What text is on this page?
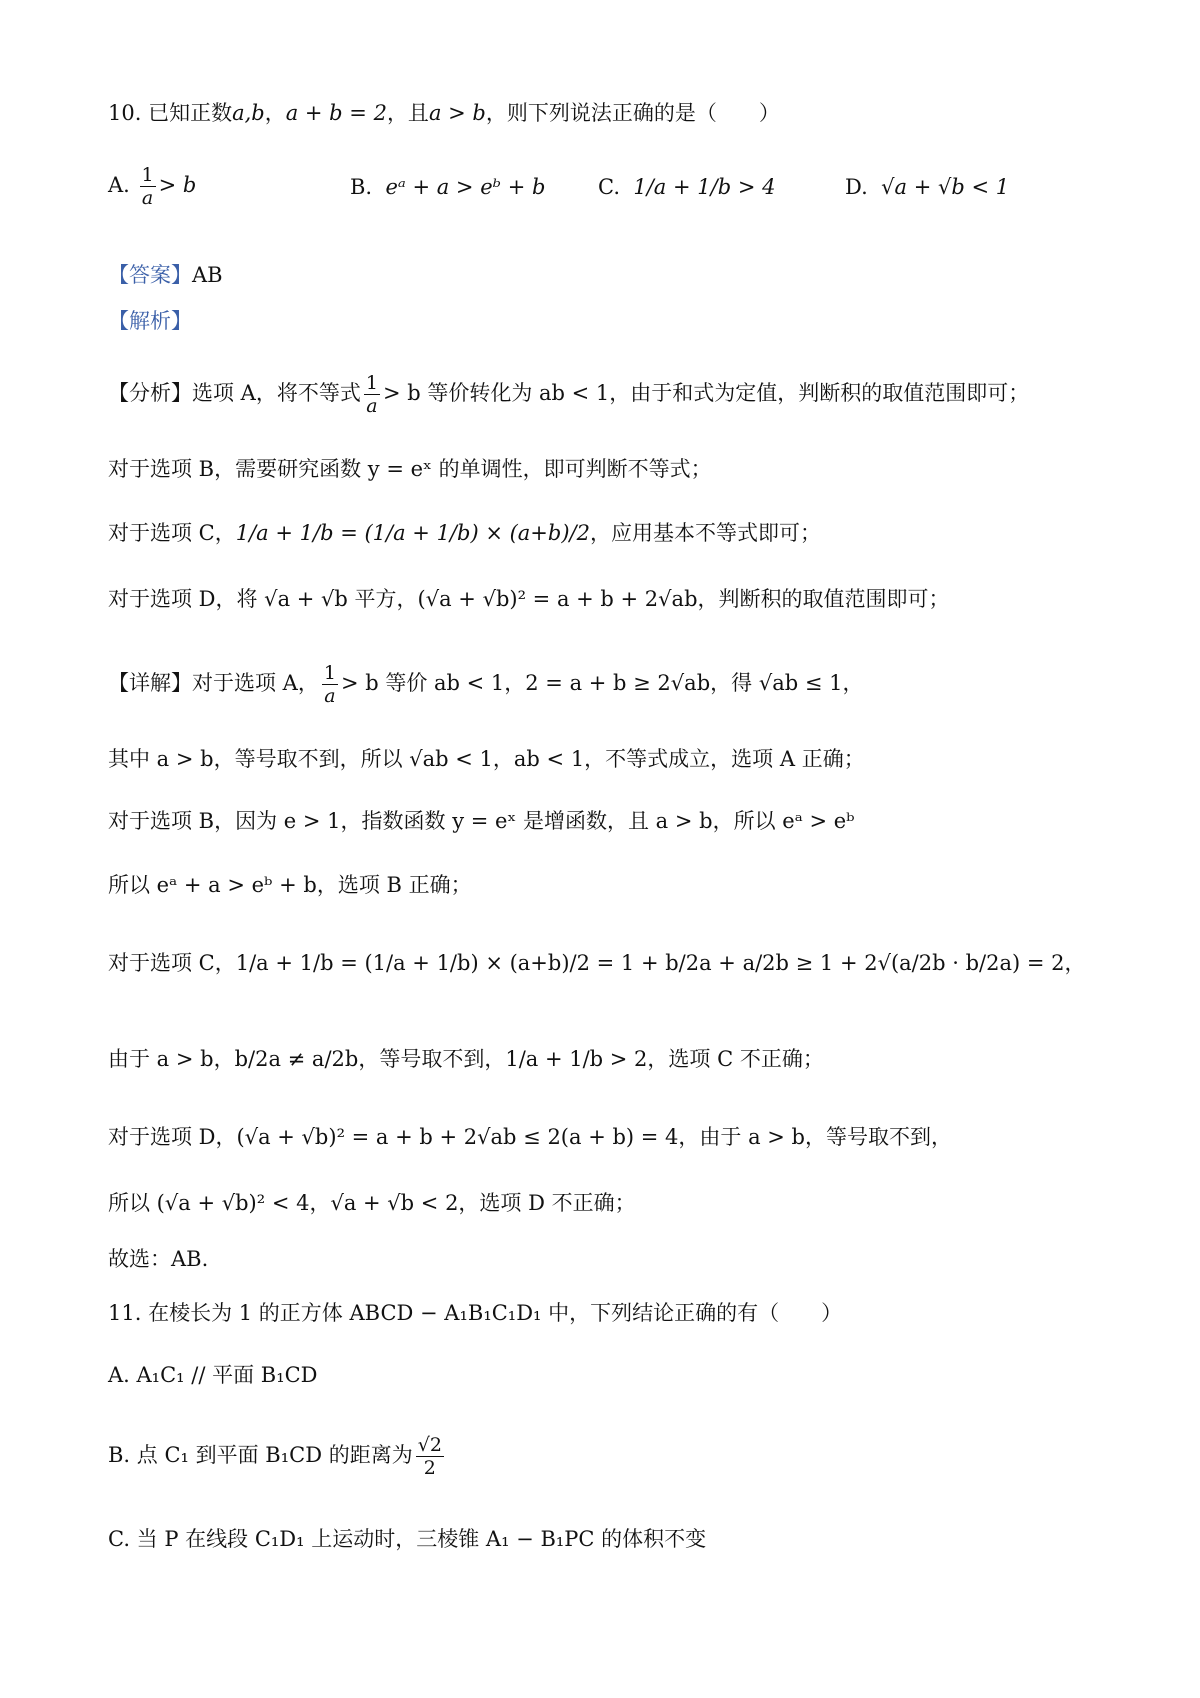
10. 已知正数a,b，a + b = 2，且a > b，则下列说法正确的是（　　）
A. $\frac{1}{a} > b$	B. eᵃ + a > eᵇ + b	C. 1/a + 1/b > 4	D. √a + √b < 1
【答案】AB
【解析】
【分析】选项 A，将不等式 $\frac{1}{a} > b$ 等价转化为 ab < 1，由于和式为定值，判断积的取值范围即可；
对于选项 B，需要研究函数 y = eˣ 的单调性，即可判断不等式；
对于选项 C，1/a + 1/b = (1/a + 1/b) × (a+b)/2，应用基本不等式即可；
对于选项 D，将 √a + √b 平方，(√a + √b)² = a + b + 2√ab，判断积的取值范围即可；
【详解】对于选项 A， $\frac{1}{a} > b$ 等价 ab < 1，2 = a + b ≥ 2√ab，得 √ab ≤ 1，
其中 a > b，等号取不到，所以 √ab < 1，ab < 1，不等式成立，选项 A 正确；
对于选项 B，因为 e > 1，指数函数 y = eˣ 是增函数，且 a > b，所以 eᵃ > eᵇ
所以 eᵃ + a > eᵇ + b，选项 B 正确；
对于选项 C，1/a + 1/b = (1/a + 1/b) × (a+b)/2 = 1 + b/2a + a/2b ≥ 1 + 2√(a/2b · b/2a) = 2，
由于 a > b，b/2a ≠ a/2b，等号取不到，1/a + 1/b > 2，选项 C 不正确；
对于选项 D，(√a + √b)² = a + b + 2√ab ≤ 2(a + b) = 4，由于 a > b，等号取不到，
所以 (√a + √b)² < 4，√a + √b < 2，选项 D 不正确；
故选：AB.
11. 在棱长为 1 的正方体 ABCD − A₁B₁C₁D₁ 中，下列结论正确的有（　　）
A. A₁C₁ // 平面 B₁CD
B. 点 C₁ 到平面 B₁CD 的距离为 $\frac{√2}{2}$
C. 当 P 在线段 C₁D₁ 上运动时，三棱锥 A₁ − B₁PC 的体积不变
